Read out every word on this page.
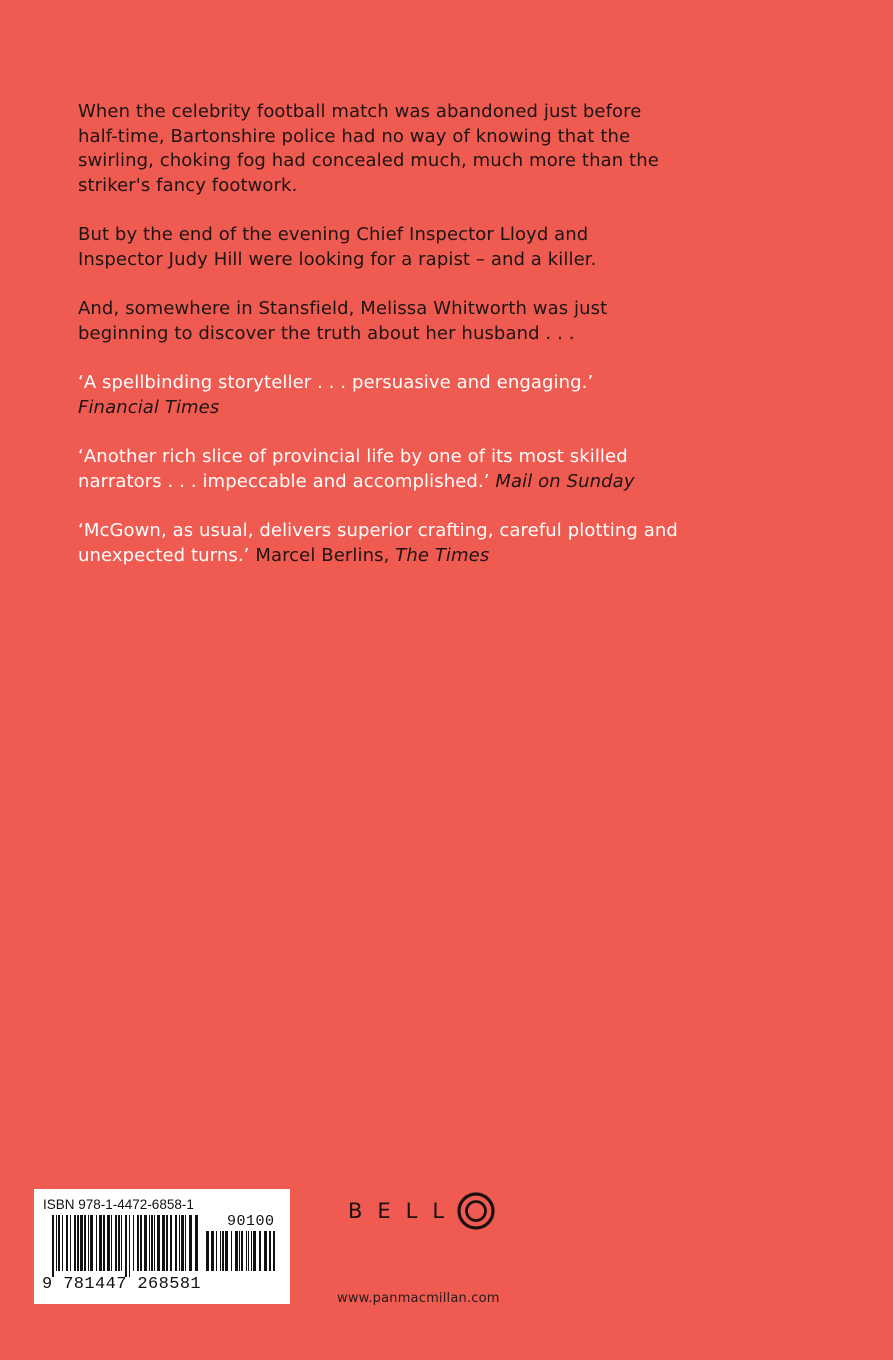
When the celebrity football match was abandoned just before half-time, Bartonshire police had no way of knowing that the swirling, choking fog had concealed much, much more than the striker's fancy footwork.

But by the end of the evening Chief Inspector Lloyd and Inspector Judy Hill were looking for a rapist – and a killer.

And, somewhere in Stansfield, Melissa Whitworth was just beginning to discover the truth about her husband . . .

‘A spellbinding storyteller . . . persuasive and engaging.’
Financial Times

‘Another rich slice of provincial life by one of its most skilled narrators . . . impeccable and accomplished.’ Mail on Sunday

‘McGown, as usual, delivers superior crafting, careful plotting and unexpected turns.’ Marcel Berlins, The Times

ISBN 978-1-4472-6858-1
90100
9 781447 268581
BELL
www.panmacmillan.com
